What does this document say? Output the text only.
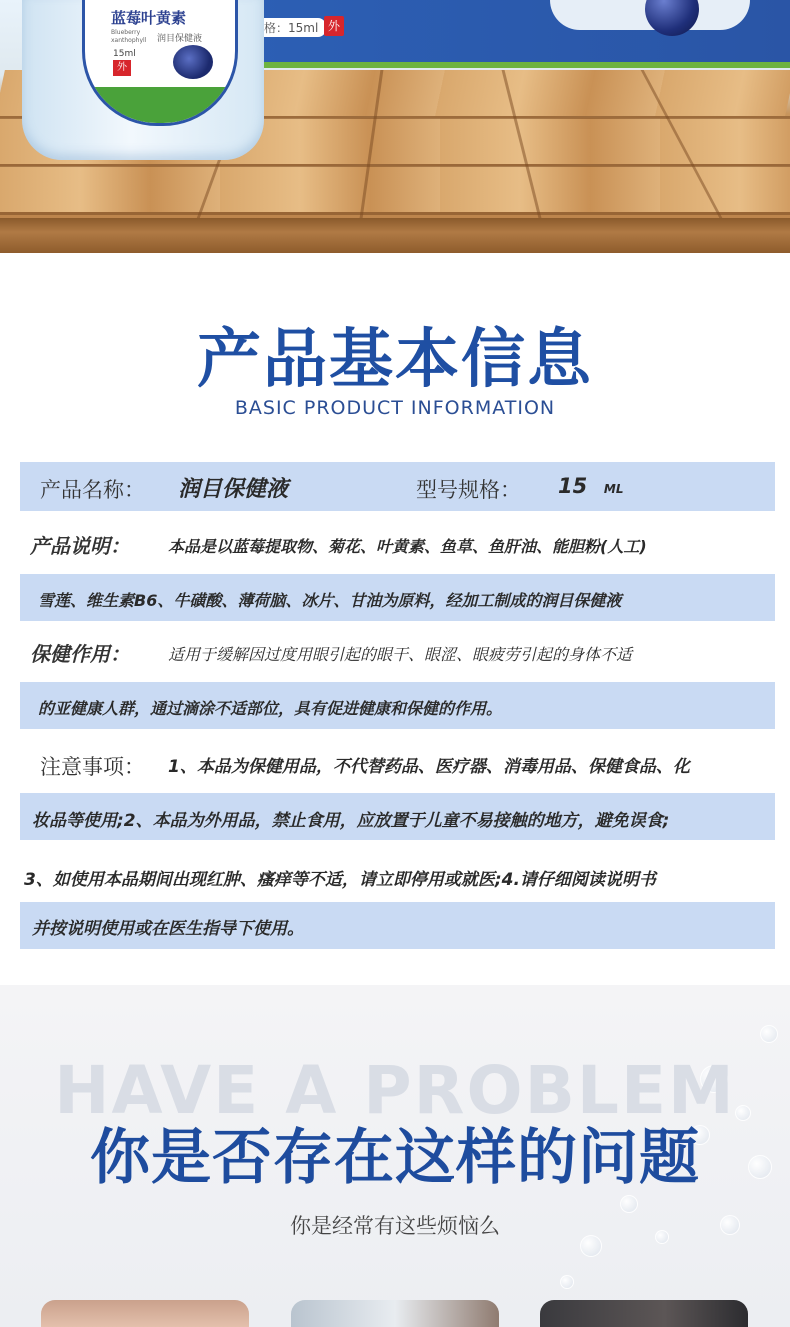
格：15ml 外
蓝莓叶黄素
Blueberry
xanthophyll 润目保健液
15ml
外
产品基本信息
BASIC PRODUCT INFORMATION
产品名称： 润目保健液	型号规格： 15 ML
产品说明： 本品是以蓝莓提取物、菊花、叶黄素、鱼草、鱼肝油、能胆粉(人工)
雪莲、维生素B6、牛磺酸、薄荷脑、冰片、甘油为原料，经加工制成的润目保健液
保健作用： 适用于缓解因过度用眼引起的眼干、眼涩、眼疲劳引起的身体不适
的亚健康人群，通过滴涂不适部位，具有促进健康和保健的作用。
注意事项： 1、本品为保健用品，不代替药品、医疗器、消毒用品、保健食品、化
妆品等使用;2、本品为外用品，禁止食用，应放置于儿童不易接触的地方，避免误食;
3、如使用本品期间出现红肿、瘙痒等不适，请立即停用或就医;4.请仔细阅读说明书
并按说明使用或在医生指导下使用。
HAVE A PROBLEM
你是否存在这样的问题
你是经常有这些烦恼么
